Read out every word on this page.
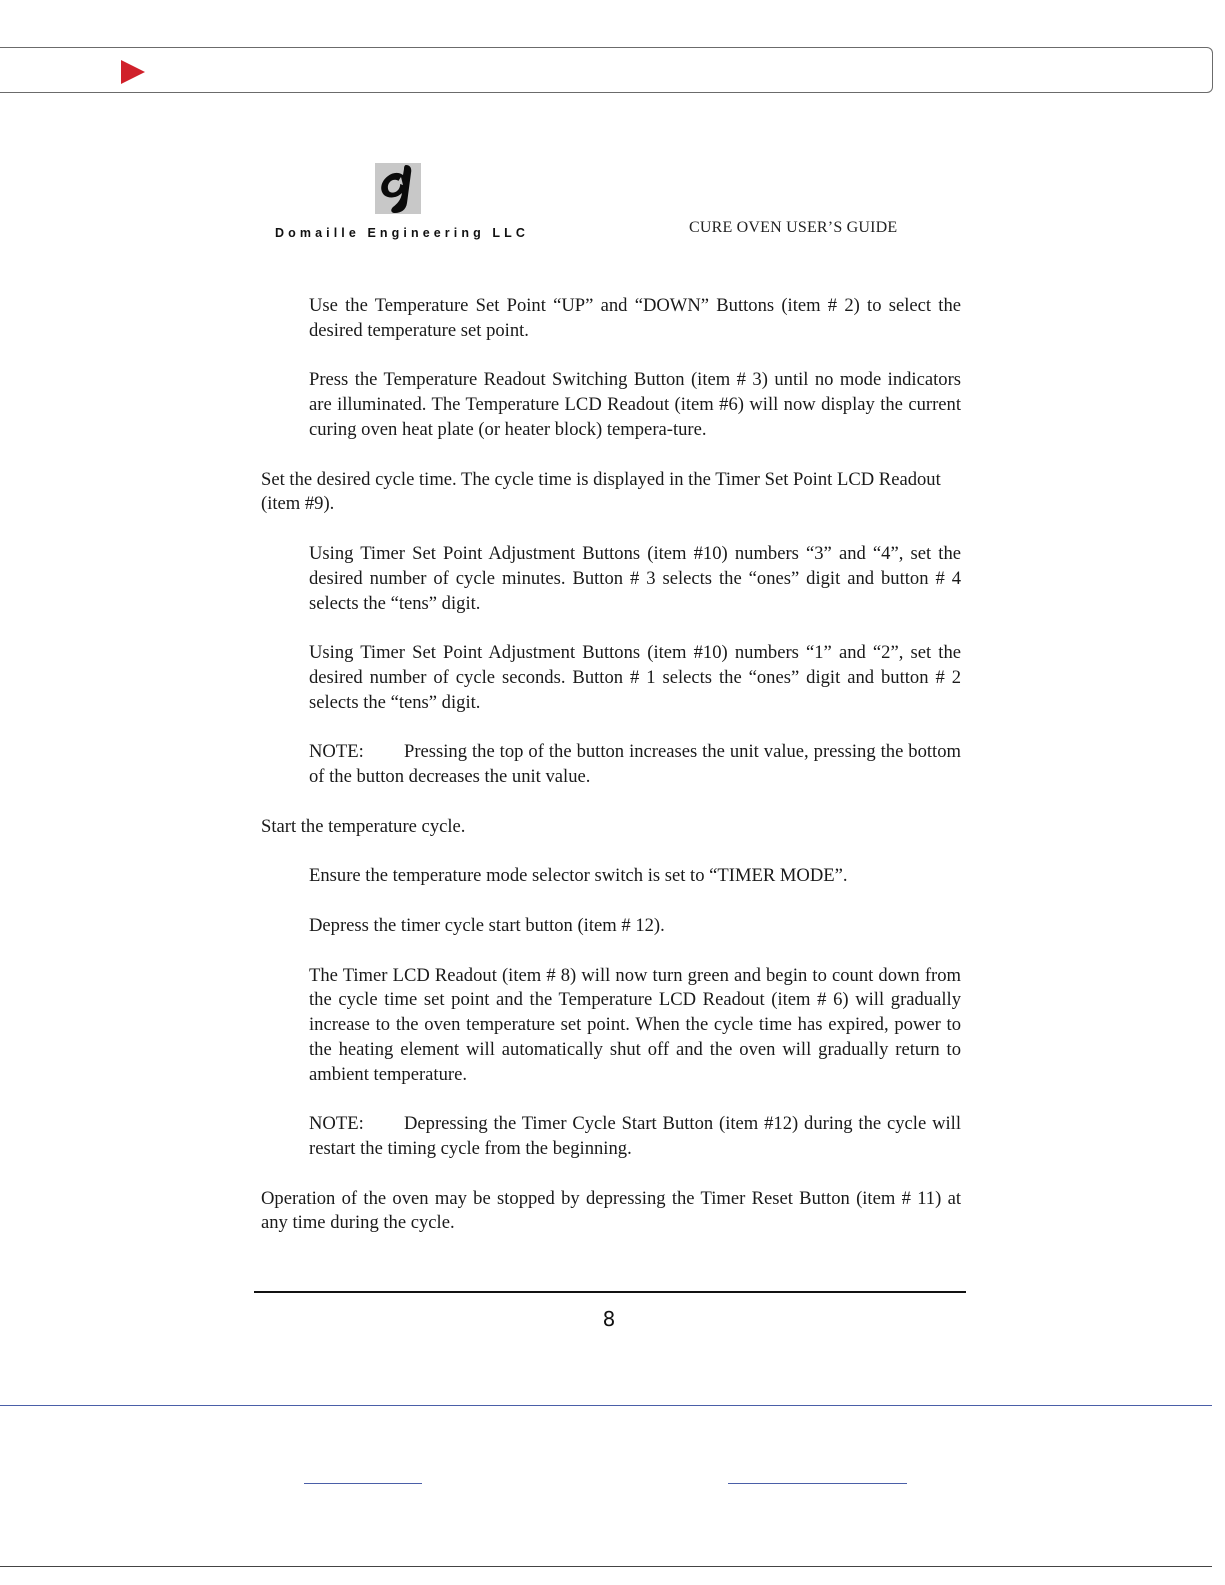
Domaille Engineering LLC	CURE OVEN USER’S GUIDE

Use the Temperature Set Point “UP” and “DOWN” Buttons (item # 2) to select the desired temperature set point.

Press the Temperature Readout Switching Button (item # 3) until no mode indicators are illuminated. The Temperature LCD Readout (item #6) will now display the current curing oven heat plate (or heater block) tempera-ture.

Set the desired cycle time. The cycle time is displayed in the Timer Set Point LCD Readout (item #9).

Using Timer Set Point Adjustment Buttons (item #10) numbers “3” and “4”, set the desired number of cycle minutes. Button # 3 selects the “ones” digit and button # 4 selects the “tens” digit.

Using Timer Set Point Adjustment Buttons (item #10) numbers “1” and “2”, set the desired number of cycle seconds. Button # 1 selects the “ones” digit and button # 2 selects the “tens” digit.

NOTE: Pressing the top of the button increases the unit value, pressing the bottom of the button decreases the unit value.

Start the temperature cycle.

Ensure the temperature mode selector switch is set to “TIMER MODE”.

Depress the timer cycle start button (item # 12).

The Timer LCD Readout (item # 8) will now turn green and begin to count down from the cycle time set point and the Temperature LCD Readout (item # 6) will gradually increase to the oven temperature set point. When the cycle time has expired, power to the heating element will automatically shut off and the oven will gradually return to ambient temperature.

NOTE: Depressing the Timer Cycle Start Button (item #12) during the cycle will restart the timing cycle from the beginning.

Operation of the oven may be stopped by depressing the Timer Reset Button (item # 11) at any time during the cycle.

8
